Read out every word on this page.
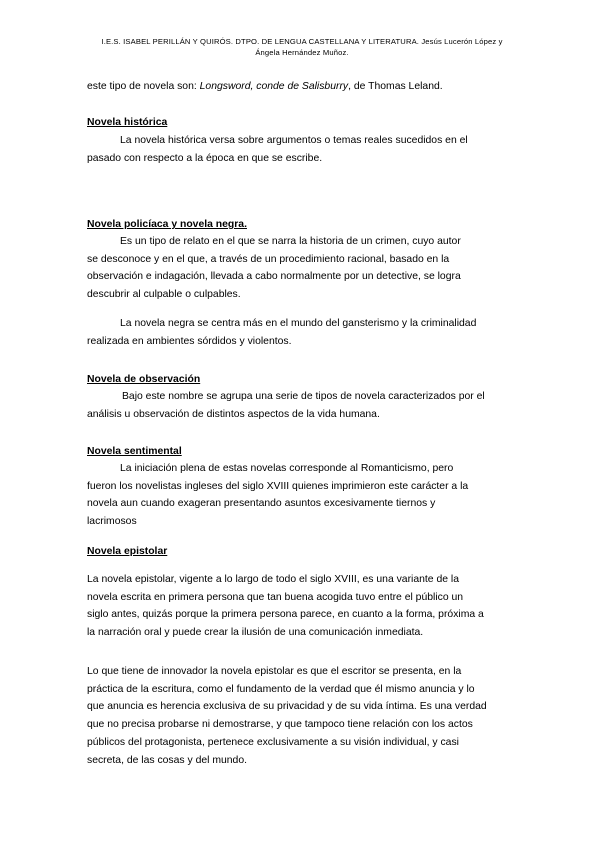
I.E.S. ISABEL PERILLÁN Y QUIRÓS. DTPO. DE LENGUA CASTELLANA Y LITERATURA. Jesús Lucerón López y
Ángela Hernández Muñoz.
este tipo de novela son: Longsword, conde de Salisburry, de Thomas Leland.
Novela histórica
La novela histórica versa sobre argumentos o temas reales sucedidos en el
pasado con respecto a la época en que se escribe.
Novela policíaca y novela negra.
Es un tipo de relato en el que se narra la historia de un crimen, cuyo autor
se desconoce y en el que, a través de un procedimiento racional, basado en la
observación e indagación, llevada a cabo normalmente por un detective, se logra
descubrir al culpable o culpables.
La novela negra se centra más en el mundo del gansterismo y la criminalidad
realizada en ambientes sórdidos y violentos.
Novela de observación
Bajo este nombre se agrupa una serie de tipos de novela caracterizados por el
análisis u observación de distintos aspectos de la vida humana.
Novela sentimental
La iniciación plena de estas novelas corresponde al Romanticismo, pero
fueron los novelistas ingleses del siglo XVIII quienes imprimieron este carácter a la
novela aun cuando exageran presentando asuntos excesivamente tiernos y
lacrimosos
Novela epistolar
La novela epistolar, vigente a lo largo de todo el siglo XVIII, es una variante de la
novela escrita en primera persona que tan buena acogida tuvo entre el público un
siglo antes, quizás porque la primera persona parece, en cuanto a la forma, próxima a
la narración oral y puede crear la ilusión de una comunicación inmediata.
Lo que tiene de innovador la novela epistolar es que el escritor se presenta, en la
práctica de la escritura, como el fundamento de la verdad que él mismo anuncia y lo
que anuncia es herencia exclusiva de su privacidad y de su vida íntima. Es una verdad
que no precisa probarse ni demostrarse, y que tampoco tiene relación con los actos
públicos del protagonista, pertenece exclusivamente a su visión individual, y casi
secreta, de las cosas y del mundo.
